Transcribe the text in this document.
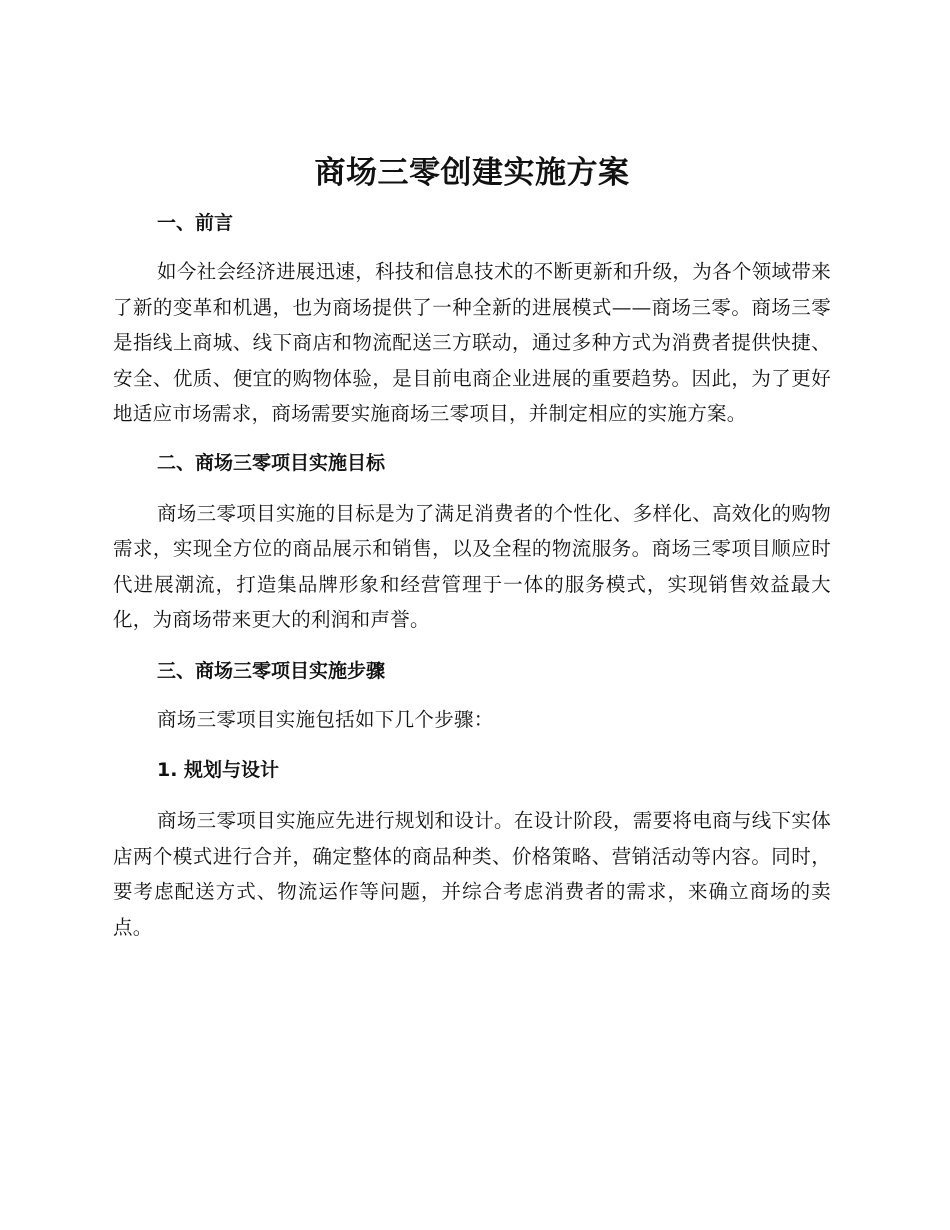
商场三零创建实施方案
一、前言

如今社会经济进展迅速，科技和信息技术的不断更新和升级，为各个领域带来了新的变革和机遇，也为商场提供了一种全新的进展模式——商场三零。商场三零是指线上商城、线下商店和物流配送三方联动，通过多种方式为消费者提供快捷、安全、优质、便宜的购物体验，是目前电商企业进展的重要趋势。因此，为了更好地适应市场需求，商场需要实施商场三零项目，并制定相应的实施方案。

二、商场三零项目实施目标

商场三零项目实施的目标是为了满足消费者的个性化、多样化、高效化的购物需求，实现全方位的商品展示和销售，以及全程的物流服务。商场三零项目顺应时代进展潮流，打造集品牌形象和经营管理于一体的服务模式，实现销售效益最大化，为商场带来更大的利润和声誉。

三、商场三零项目实施步骤

商场三零项目实施包括如下几个步骤：

1. 规划与设计

商场三零项目实施应先进行规划和设计。在设计阶段，需要将电商与线下实体店两个模式进行合并，确定整体的商品种类、价格策略、营销活动等内容。同时，要考虑配送方式、物流运作等问题，并综合考虑消费者的需求，来确立商场的卖点。
